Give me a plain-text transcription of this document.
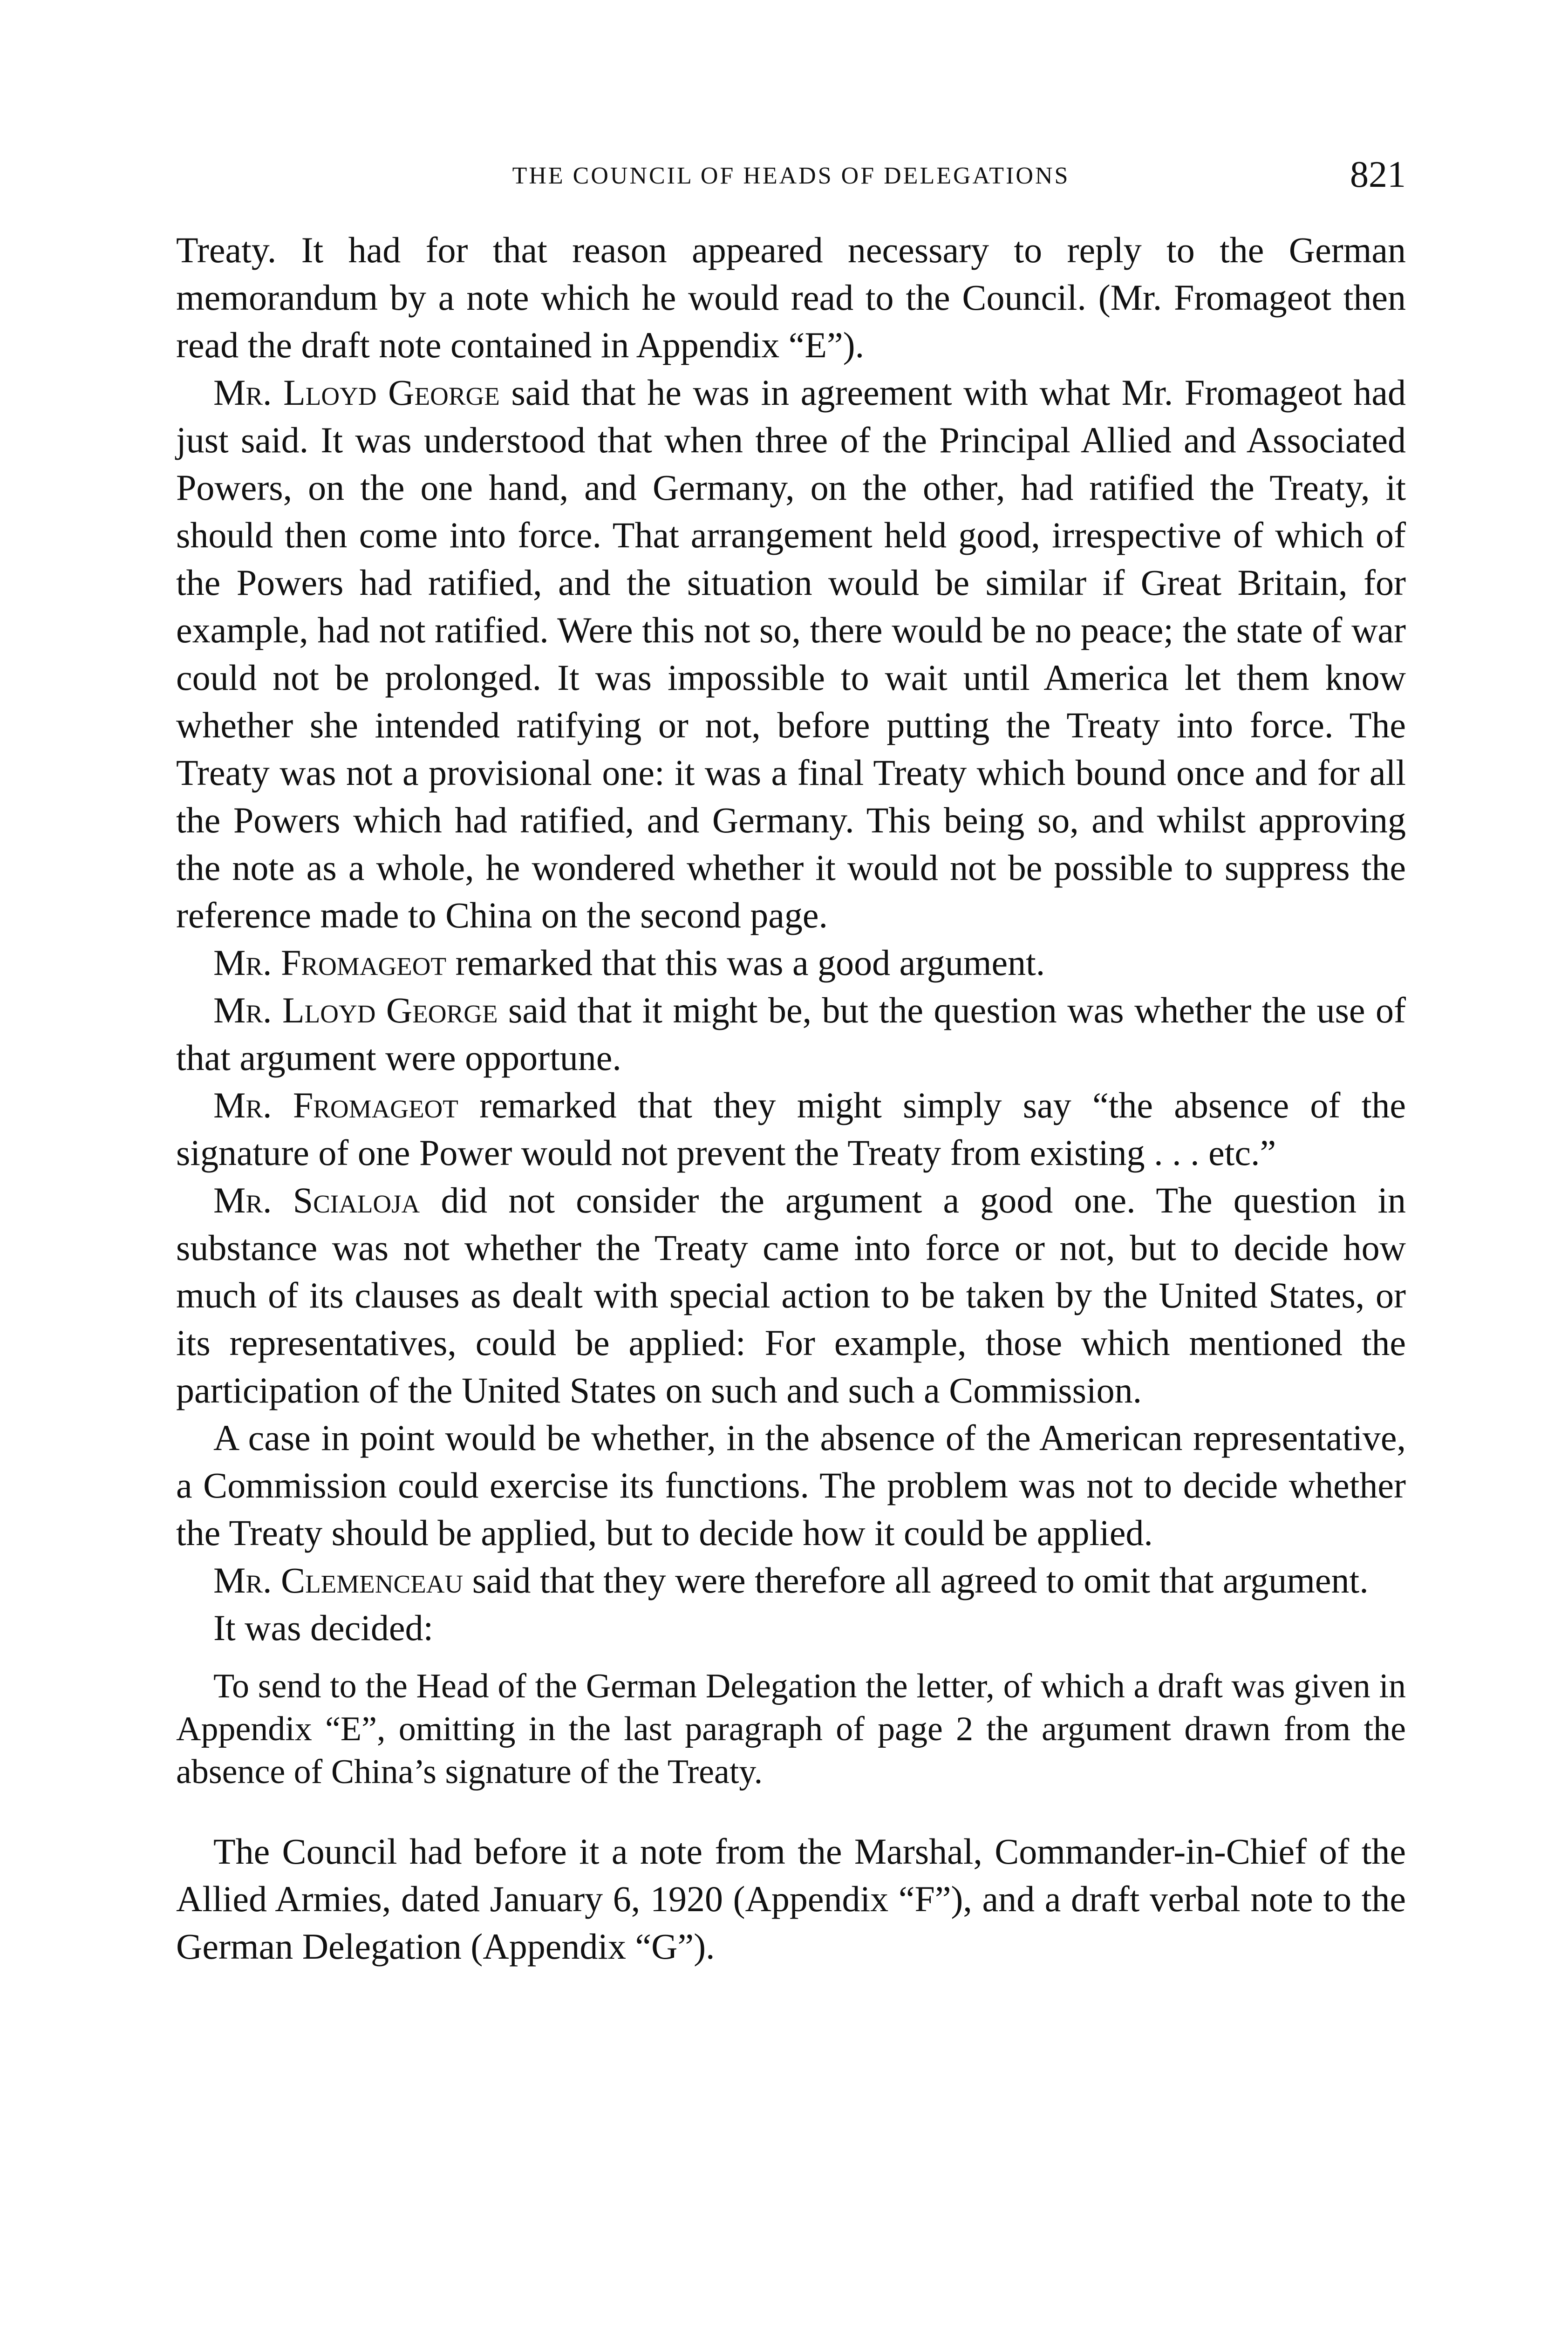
THE COUNCIL OF HEADS OF DELEGATIONS	821

Treaty. It had for that reason appeared necessary to reply to the German memorandum by a note which he would read to the Council. (Mr. Fromageot then read the draft note contained in Appendix “E”).

Mr. Lloyd George said that he was in agreement with what Mr. Fromageot had just said. It was understood that when three of the Principal Allied and Associated Powers, on the one hand, and Germany, on the other, had ratified the Treaty, it should then come into force. That arrangement held good, irrespective of which of the Powers had ratified, and the situation would be similar if Great Britain, for example, had not ratified. Were this not so, there would be no peace; the state of war could not be prolonged. It was impossible to wait until America let them know whether she intended ratifying or not, before putting the Treaty into force. The Treaty was not a provisional one: it was a final Treaty which bound once and for all the Powers which had ratified, and Germany. This being so, and whilst approving the note as a whole, he wondered whether it would not be possible to suppress the reference made to China on the second page.

Mr. Fromageot remarked that this was a good argument.

Mr. Lloyd George said that it might be, but the question was whether the use of that argument were opportune.

Mr. Fromageot remarked that they might simply say “the absence of the signature of one Power would not prevent the Treaty from existing . . . etc.”

Mr. Scialoja did not consider the argument a good one. The question in substance was not whether the Treaty came into force or not, but to decide how much of its clauses as dealt with special action to be taken by the United States, or its representatives, could be applied: For example, those which mentioned the participation of the United States on such and such a Commission.

A case in point would be whether, in the absence of the American representative, a Commission could exercise its functions. The problem was not to decide whether the Treaty should be applied, but to decide how it could be applied.

Mr. Clemenceau said that they were therefore all agreed to omit that argument.

It was decided:

To send to the Head of the German Delegation the letter, of which a draft was given in Appendix “E”, omitting in the last paragraph of page 2 the argument drawn from the absence of China’s signature of the Treaty.

The Council had before it a note from the Marshal, Commander-in-Chief of the Allied Armies, dated January 6, 1920 (Appendix “F”), and a draft verbal note to the German Delegation (Appendix “G”).
